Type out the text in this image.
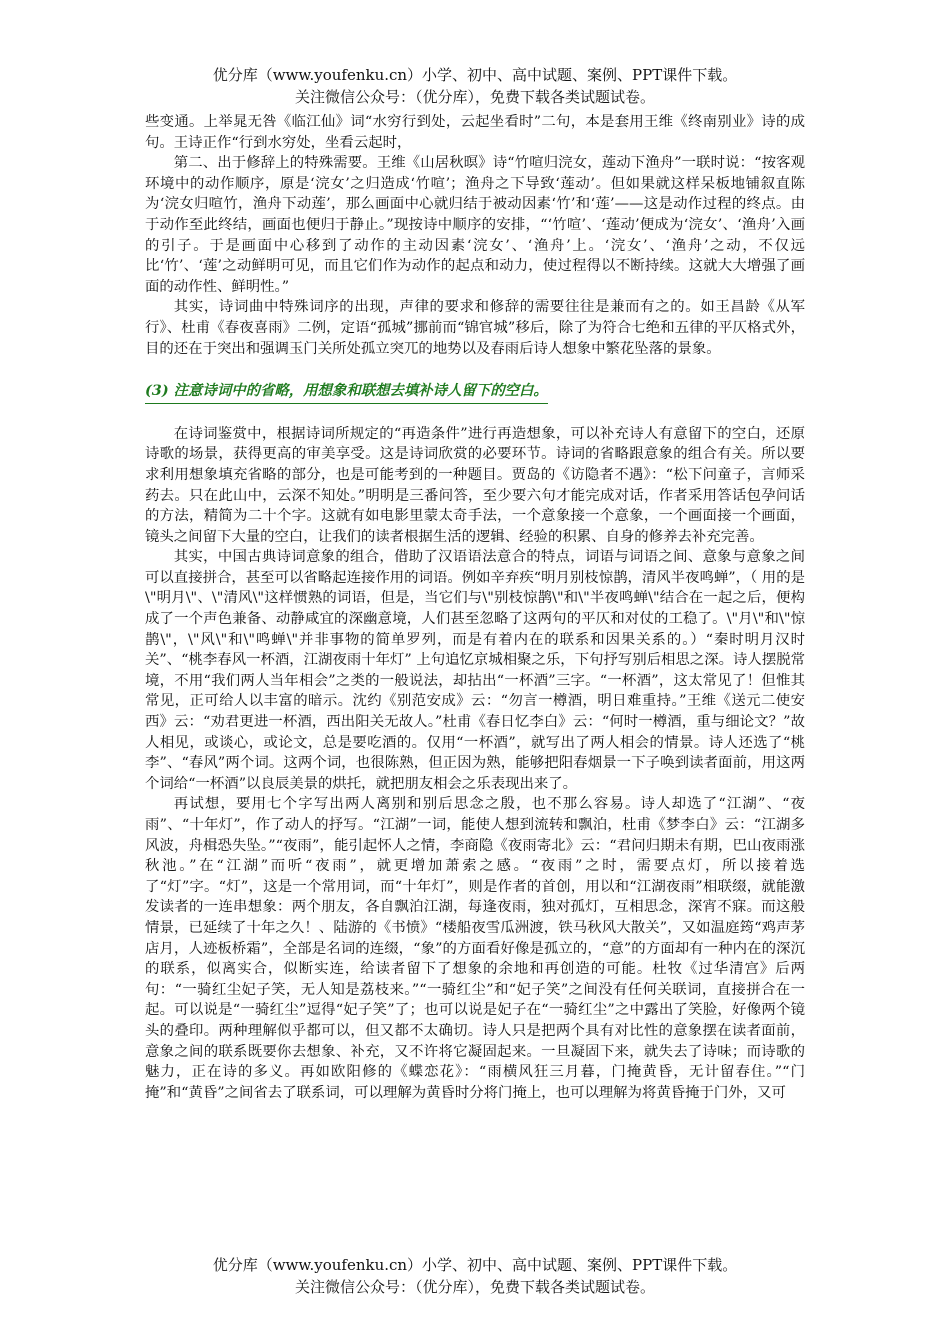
优分库（www.youfenku.cn）小学、初中、高中试题、案例、PPT课件下载。
关注微信公众号：（优分库），免费下载各类试题试卷。

些变通。上举晁无咎《临江仙》词“水穷行到处，云起坐看时”二句，本是套用王维《终南别业》诗的成句。王诗正作“行到水穷处，坐看云起时，

第二、出于修辞上的特殊需要。王维《山居秋暝》诗“竹喧归浣女，莲动下渔舟”一联时说：“按客观环境中的动作顺序，原是‘浣女’之归造成‘竹喧’；渔舟之下导致‘莲动’。但如果就这样呆板地铺叙直陈为‘浣女归喧竹，渔舟下动莲’，那么画面中心就归结于被动因素‘竹’和‘莲’——这是动作过程的终点。由于动作至此终结，画面也便归于静止。”现按诗中顺序的安排，“‘竹喧’、‘莲动’便成为‘浣女’、‘渔舟’入画的引子。于是画面中心移到了动作的主动因素‘浣女’、‘渔舟’上。‘浣女’、‘渔舟’之动，不仅远比‘竹’、‘莲’之动鲜明可见，而且它们作为动作的起点和动力，使过程得以不断持续。这就大大增强了画面的动作性、鲜明性。”

其实，诗词曲中特殊词序的出现，声律的要求和修辞的需要往往是兼而有之的。如王昌龄《从军行》、杜甫《春夜喜雨》二例，定语“孤城”挪前而“锦官城”移后，除了为符合七绝和五律的平仄格式外，目的还在于突出和强调玉门关所处孤立突兀的地势以及春雨后诗人想象中繁花坠落的景象。

(3) 注意诗词中的省略，用想象和联想去填补诗人留下的空白。

在诗词鉴赏中，根据诗词所规定的“再造条件”进行再造想象，可以补充诗人有意留下的空白，还原诗歌的场景，获得更高的审美享受。这是诗词欣赏的必要环节。诗词的省略跟意象的组合有关。所以要求利用想象填充省略的部分，也是可能考到的一种题目。贾岛的《访隐者不遇》：“松下问童子，言师采药去。只在此山中，云深不知处。”明明是三番问答，至少要六句才能完成对话，作者采用答话包孕问话的方法，精简为二十个字。这就有如电影里蒙太奇手法，一个意象接一个意象，一个画面接一个画面，镜头之间留下大量的空白，让我们的读者根据生活的逻辑、经验的积累、自身的修养去补充完善。

其实，中国古典诗词意象的组合，借助了汉语语法意合的特点，词语与词语之间、意象与意象之间可以直接拼合，甚至可以省略起连接作用的词语。例如辛弃疾“明月别枝惊鹊，清风半夜鸣蝉”，（ 用的是\"明月\"、\"清风\"这样惯熟的词语，但是，当它们与\"别枝惊鹊\"和\"半夜鸣蝉\"结合在一起之后，便构成了一个声色兼备、动静咸宜的深幽意境，人们甚至忽略了这两句的平仄和对仗的工稳了。\"月\"和\"惊鹊\"，\"风\"和\"鸣蝉\"并非事物的简单罗列，而是有着内在的联系和因果关系的。）“秦时明月汉时关”、“桃李春风一杯酒，江湖夜雨十年灯” 上句追忆京城相聚之乐，下句抒写别后相思之深。诗人摆脱常境，不用“我们两人当年相会”之类的一般说法，却拈出“一杯酒”三字。“一杯酒”，这太常见了！但惟其常见，正可给人以丰富的暗示。沈约《别范安成》云：“勿言一樽酒，明日难重持。”王维《送元二使安西》云：“劝君更进一杯酒，西出阳关无故人。”杜甫《春日忆李白》云：“何时一樽酒，重与细论文？”故人相见，或谈心，或论文，总是要吃酒的。仅用“一杯酒”，就写出了两人相会的情景。诗人还选了“桃李”、“春风”两个词。这两个词，也很陈熟，但正因为熟，能够把阳春烟景一下子唤到读者面前，用这两个词给“一杯酒”以良辰美景的烘托，就把朋友相会之乐表现出来了。

再试想，要用七个字写出两人离别和别后思念之殷，也不那么容易。诗人却选了“江湖”、“夜雨”、“十年灯”，作了动人的抒写。“江湖”一词，能使人想到流转和飘泊，杜甫《梦李白》云：“江湖多风波，舟楫恐失坠。”“夜雨”，能引起怀人之情，李商隐《夜雨寄北》云：“君问归期未有期，巴山夜雨涨秋池。”在“江湖”而听“夜雨”，就更增加萧索之感。“夜雨”之时，需要点灯，所以接着选了“灯”字。“灯”，这是一个常用词，而“十年灯”，则是作者的首创，用以和“江湖夜雨”相联缀，就能激发读者的一连串想象：两个朋友，各自飘泊江湖，每逢夜雨，独对孤灯，互相思念，深宵不寐。而这般情景，已延续了十年之久！、陆游的《书愤》“楼船夜雪瓜洲渡，铁马秋风大散关”，又如温庭筠“鸡声茅店月，人迹板桥霜”，全部是名词的连缀，“象”的方面看好像是孤立的，“意”的方面却有一种内在的深沉的联系，似离实合，似断实连，给读者留下了想象的余地和再创造的可能。杜牧《过华清宫》后两句：“一骑红尘妃子笑，无人知是荔枝来。”“一骑红尘”和“妃子笑”之间没有任何关联词，直接拼合在一起。可以说是“一骑红尘”逗得“妃子笑”了；也可以说是妃子在“一骑红尘”之中露出了笑脸，好像两个镜头的叠印。两种理解似乎都可以，但又都不太确切。诗人只是把两个具有对比性的意象摆在读者面前，意象之间的联系既要你去想象、补充，又不许将它凝固起来。一旦凝固下来，就失去了诗味；而诗歌的魅力，正在诗的多义。再如欧阳修的《蝶恋花》：“雨横风狂三月暮，门掩黄昏，无计留春住。”“门掩”和“黄昏”之间省去了联系词，可以理解为黄昏时分将门掩上，也可以理解为将黄昏掩于门外，又可

优分库（www.youfenku.cn）小学、初中、高中试题、案例、PPT课件下载。
关注微信公众号：（优分库），免费下载各类试题试卷。
